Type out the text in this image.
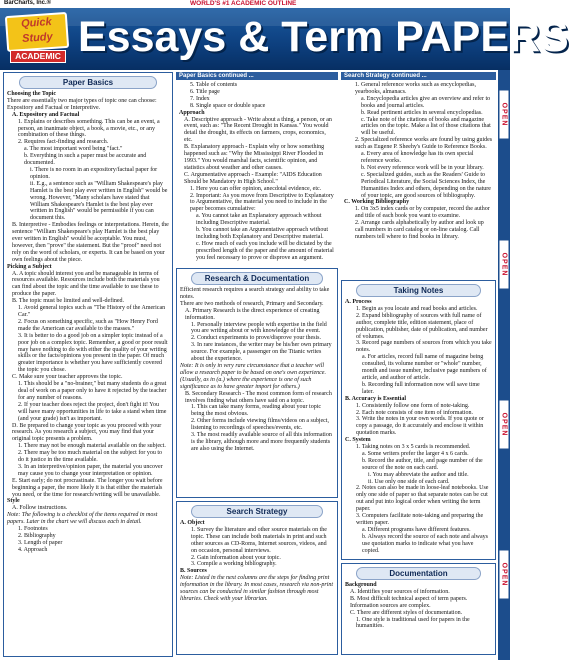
BarCharts, Inc.®	WORLD'S #1 ACADEMIC OUTLINE
Quick
Study
ACADEMIC Essays & Term PAPERS
OPEN
OPEN
OPEN
OPEN
Paper Basics

Choosing the Topic

There are essentially two major types of topic one can choose: Expository and Factual or Interpretive.

A. Expository and Factual

1. Explains or describes something. This can be an event, a person, an inanimate object, a book, a movie, etc., or any combination of these things.

2. Requires fact-finding and research.

a. The most important word being "fact."

b. Everything in such a paper must be accurate and documented.

i. There is no room in an expository/factual paper for opinion.

ii. E.g., a sentence such as "William Shakespeare's play Hamlet is the best play ever written in English" would be wrong. However, "Many scholars have stated that William Shakespeare's Hamlet is the best play ever written in English" would be permissible if you can document this.

B. Interpretive - Embodies feelings or interpretations. Herein, the sentence "William Shakespeare's play Hamlet is the best play ever written in English" would be acceptable. You must, however, then "prove" the statement. But the "proof" need not rely on the word of scholars, or experts. It can be based on your own feelings about the piece.

Picking a Subject

A. A topic should interest you and be manageable in terms of resources available. Resources include both the materials you can find about the topic and the time available to use these to produce the paper.

B. The topic must be limited and well-defined.

1. Avoid general topics such as "The History of the American Car."

2. Focus on something specific, such as "How Henry Ford made the American car available to the masses."

3. It is better to do a good job on a simpler topic instead of a poor job on a complex topic. Remember, a good or poor result may have nothing to do with either the quality of your writing skills or the facts/opinions you present in the paper. Of much greater importance is whether you have sufficiently covered the topic you chose.

C. Make sure your teacher approves the topic.

1. This should be a "no-brainer," but many students do a great deal of work on a paper only to have it rejected by the teacher for any number of reasons.

2. If your teacher does reject the project, don't fight it! You will have many opportunities in life to take a stand when time (and your grade) isn't as important.

D. Be prepared to change your topic as you proceed with your research. As you research a subject, you may find that your original topic presents a problem.

1. There may not be enough material available on the subject.

2. There may be too much material on the subject for you to do it justice in the time available.

3. In an interpretive/opinion paper, the material you uncover may cause you to change your interpretation or opinion.

E. Start early; do not procrastinate. The longer you wait before beginning a paper, the more likely it is that either the materials you need, or the time for research/writing will be unavailable.

Style

A. Follow instructions.

Note: The following is a checklist of the items required in most papers. Later in the chart we will discuss each in detail.

1. Footnotes

2. Bibliography

3. Length of paper

4. Approach

Paper Basics continued ...

5. Table of contents

6. Title page

7. Index

8. Single space or double space

Approach

A. Descriptive approach - Write about a thing, a person, or an event, such as: "The Recent Drought in Kansas." You would detail the drought, its effects on farmers, crops, economics, etc.

B. Explanatory approach - Explain why or how something happened such as: "Why the Mississippi River Flooded in 1993." You would marshal facts, scientific opinion, and statistics about weather and other causes.

C. Argumentative approach - Example: "AIDS Education Should be Mandatory in High School."

1. Here you can offer opinion, anecdotal evidence, etc.

2. Important: As you move from Descriptive to Explanatory to Argumentative, the material you need to include in the paper becomes cumulative:

a. You cannot take an Explanatory approach without including Descriptive material.

b. You cannot take an Argumentative approach without including both Explanatory and Descriptive material.

c. How much of each you include will be dictated by the prescribed length of the paper and the amount of material you feel necessary to prove or disprove an argument.

Research & Documentation

Efficient research requires a search strategy and ability to take notes.

There are two methods of research, Primary and Secondary.

A. Primary Research is the direct experience of creating information.

1. Personally interview people with expertise in the field you are writing about or with knowledge of the event.

2. Conduct experiments to prove/disprove your thesis.

3. In rare instances, the writer may be his/her own primary source. For example, a passenger on the Titanic writes about the experience.

Note: It is only in very rare circumstance that a teacher will allow a research paper to be based on one's own experience. (Usually, as in (a.) where the experience is one of such significance as to have greater import for others.)

B. Secondary Research - The most common form of research involves finding what others have said on a topic.

1. This can take many forms, reading about your topic being the most obvious.

2. Other forms include viewing films/videos on a subject, listening to recordings of speeches/events, etc.

3. The most readily available source of all this information is the library, although more and more frequently students are also using the Internet.

Search Strategy

A. Object

1. Survey the literature and other source materials on the topic. These can include both materials in print and such other sources as CD-Roms, Internet sources, videos, and on occasion, personal interviews.

2. Gain information about your topic.

3. Compile a working bibliography.

B. Sources

Note: Listed in the next columns are the steps for finding print information in the library. In most cases, research via non-print sources can be conducted in similar fashion through most libraries. Check with your librarian.

Search Strategy continued ...

1. General reference works such as encyclopedias, yearbooks, almanacs.

a. Encyclopedia articles give an overview and refer to books and journal articles.

b. Read pertinent articles in several encyclopedias.

c. Take note of the citations of books and magazine articles on the topic. Make a list of those citations that will be useful.

2. Specialized reference works are found by using guides such as Eugene P. Sheehy's Guide to Reference Books.

a. Every area of knowledge has its own special reference works.

b. Not every reference work will be in your library.

c. Specialized guides, such as the Readers' Guide to Periodical Literature, the Social Sciences Index, the Humanities Index and others, depending on the nature of your topic, are good sources of bibliography.

C. Working Bibliography

1. On 3x5 index cards or by computer, record the author and title of each book you want to examine.

2. Arrange cards alphabetically by author and look up call numbers in card catalog or on-line catalog. Call numbers tell where to find books in library.

Taking Notes

A. Process

1. Begin as you locate and read books and articles.

2. Expand bibliography of sources with full name of author, complete title, edition statement, place of publication, publisher, date of publication, and number of volumes.

3. Record page numbers of sources from which you take notes.

a. For articles, record full name of magazine being consulted, its volume number or "whole" number, month and issue number, inclusive page numbers of article, and author of article.

b. Recording full information now will save time later.

B. Accuracy is Essential

1. Consistently follow one form of note-taking.

2. Each note consists of one item of information.

3. Write the notes in your own words. If you quote or copy a passage, do it accurately and enclose it within quotation marks.

C. System

1. Taking notes on 3 x 5 cards is recommended.

a. Some writers prefer the larger 4 x 6 cards.

b. Record the author, title, and page number of the source of the note on each card.

i. You may abbreviate the author and title.

ii. Use only one side of each card.

2. Notes can also be made in loose-leaf notebooks. Use only one side of paper so that separate notes can be cut out and put into logical order when writing the term paper.

3. Computers facilitate note-taking and preparing the written paper.

a. Different programs have different features.

b. Always record the source of each note and always use quotation marks to indicate what you have copied.

Documentation

Background

A. Identifies your sources of information.

B. Most difficult technical aspect of term papers. Information sources are complex.

C. There are different styles of documentation.

1. One style is traditional used for papers in the humanities.
